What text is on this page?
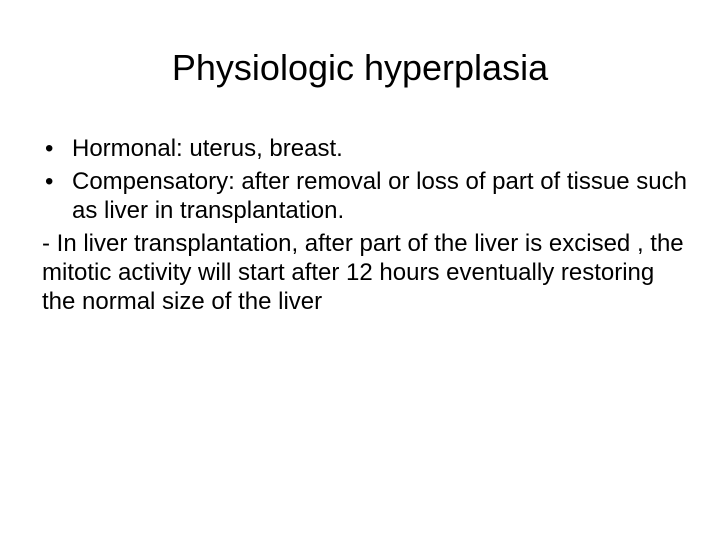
Physiologic hyperplasia
• Hormonal: uterus, breast.
• Compensatory: after removal or loss of part of tissue such as liver in transplantation.

- In liver transplantation, after part of the liver is excised , the mitotic activity will start after 12 hours eventually restoring the normal size of the liver
